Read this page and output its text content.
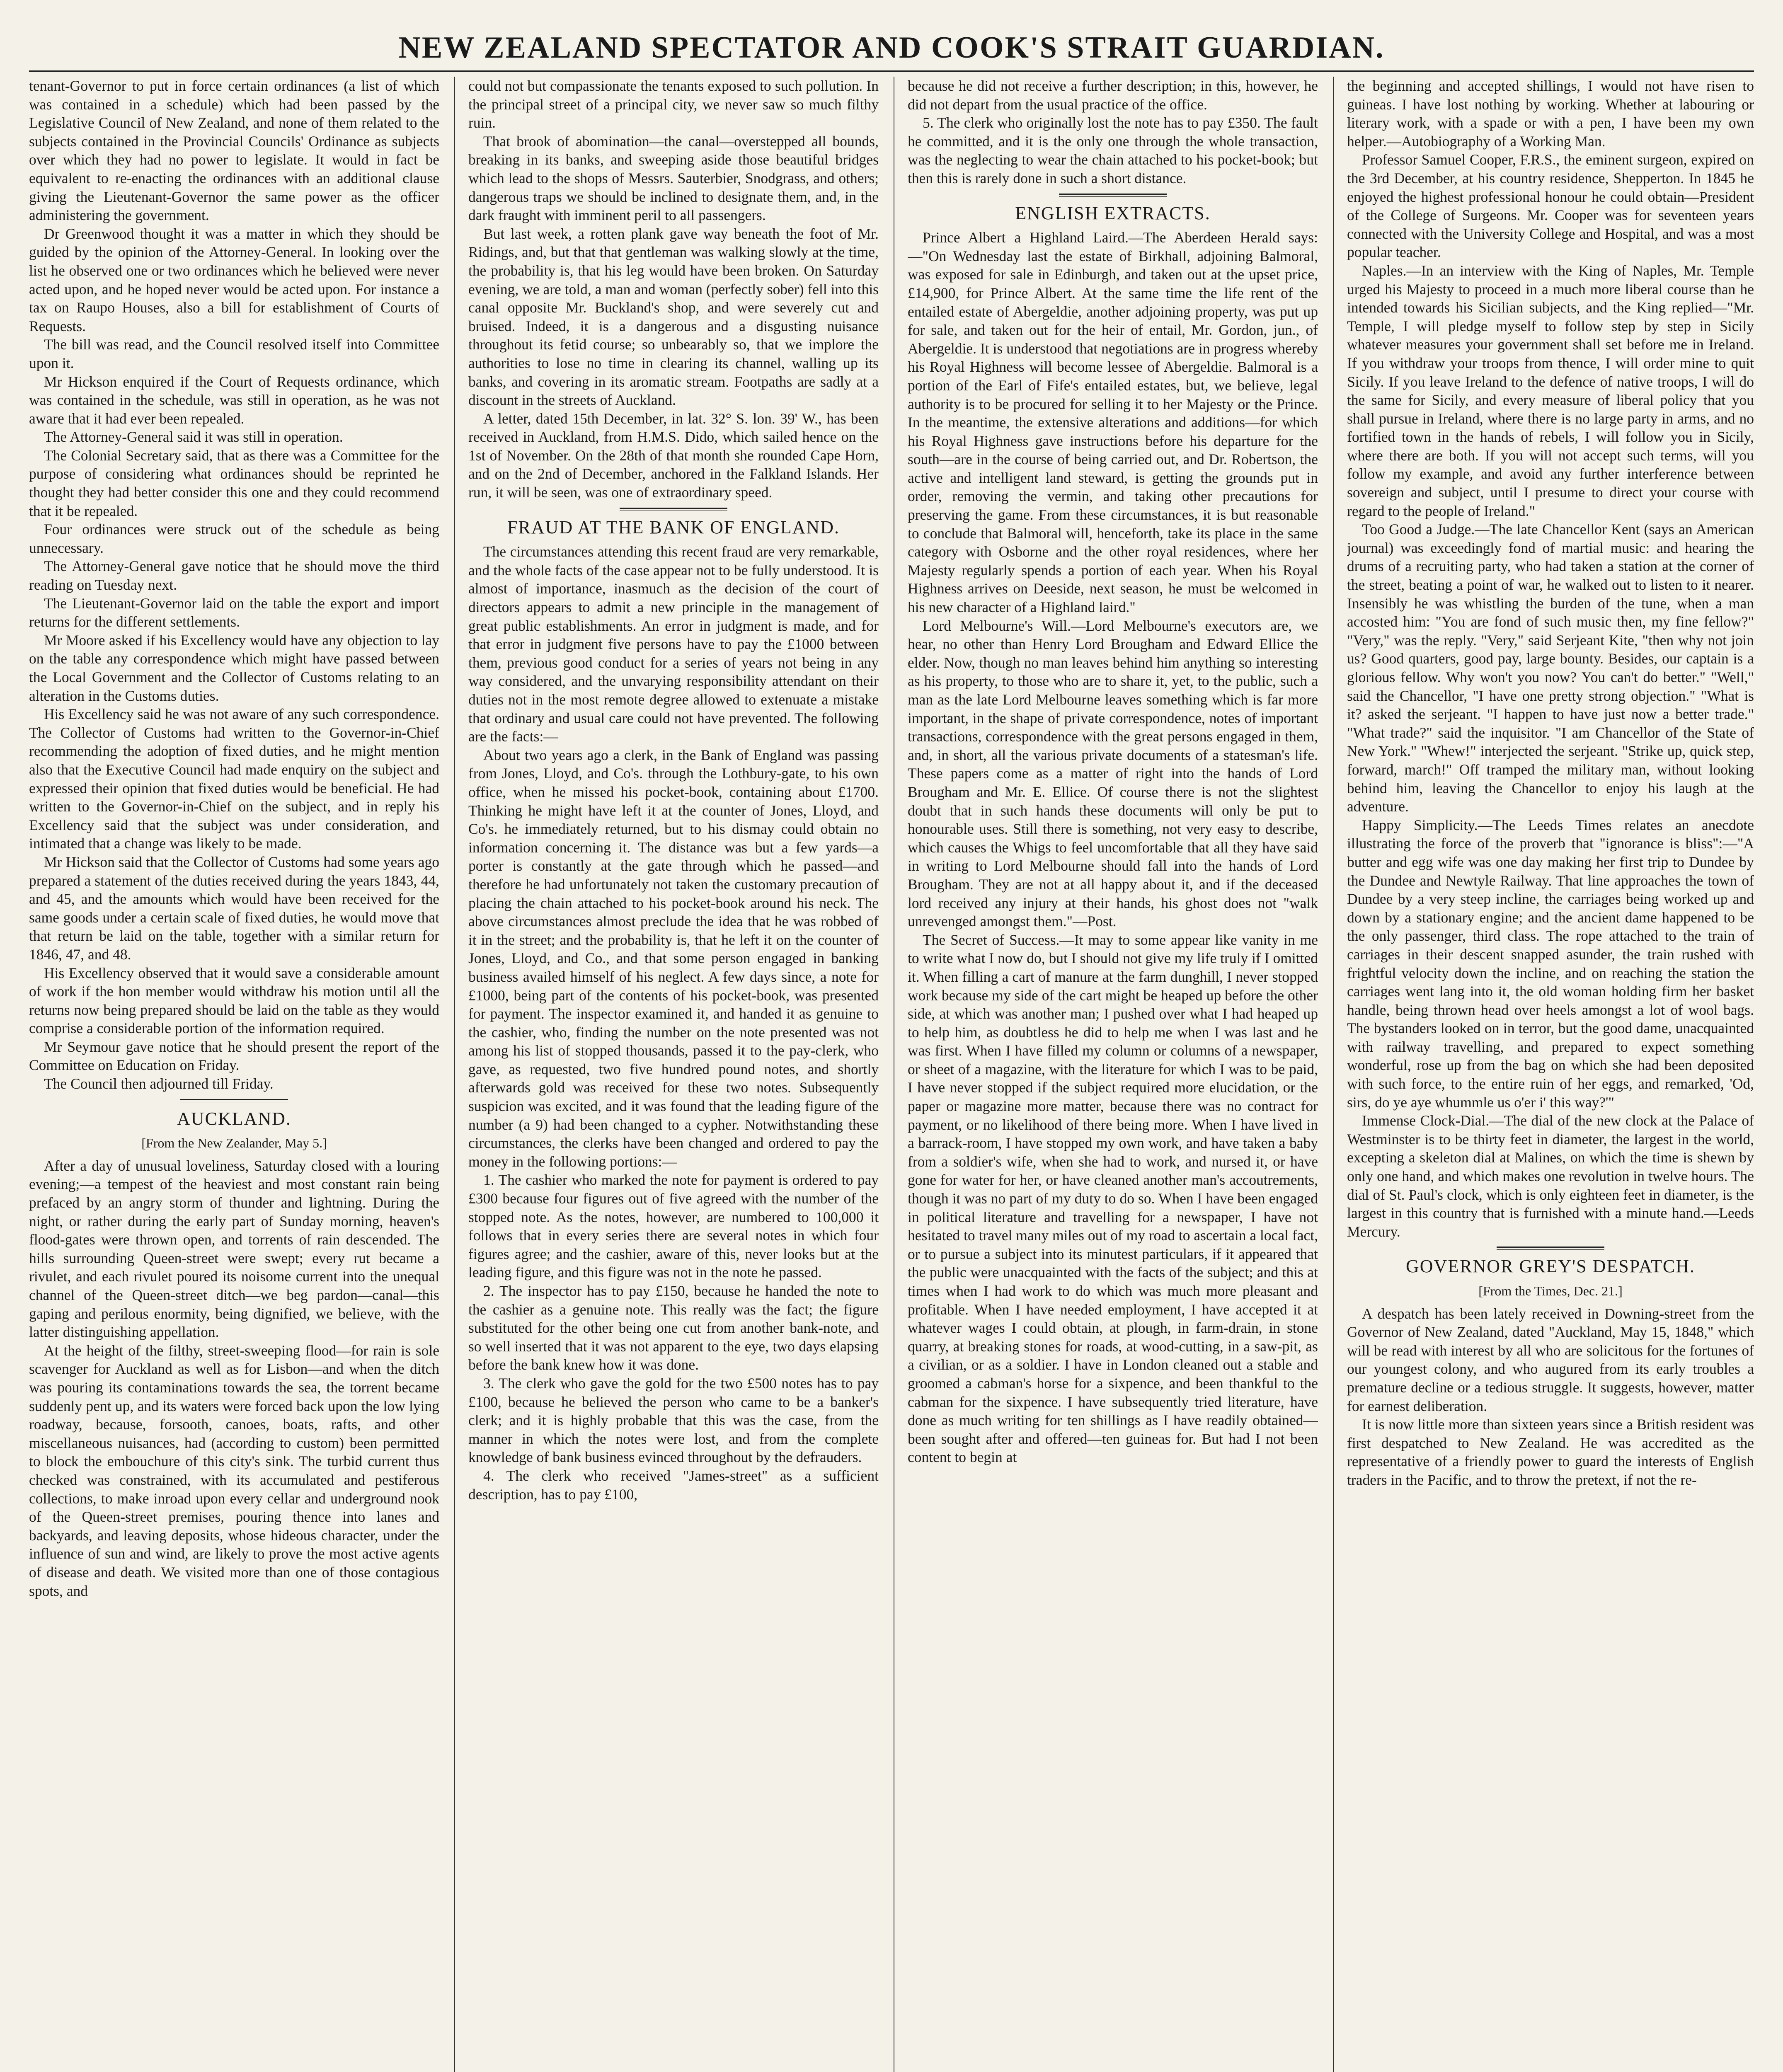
NEW ZEALAND SPECTATOR AND COOK'S STRAIT GUARDIAN.

tenant-Governor to put in force certain ordinances (a list of which was contained in a schedule) which had been passed by the Legislative Council of New Zealand, and none of them related to the subjects contained in the Provincial Councils' Ordinance as subjects over which they had no power to legislate. It would in fact be equivalent to re-enacting the ordinances with an additional clause giving the Lieutenant-Governor the same power as the officer administering the government.

Dr Greenwood thought it was a matter in which they should be guided by the opinion of the Attorney-General. In looking over the list he observed one or two ordinances which he believed were never acted upon, and he hoped never would be acted upon. For instance a tax on Raupo Houses, also a bill for establishment of Courts of Requests.

The bill was read, and the Council resolved itself into Committee upon it.

Mr Hickson enquired if the Court of Requests ordinance, which was contained in the schedule, was still in operation, as he was not aware that it had ever been repealed.

The Attorney-General said it was still in operation.

The Colonial Secretary said, that as there was a Committee for the purpose of considering what ordinances should be reprinted he thought they had better consider this one and they could recommend that it be repealed.

Four ordinances were struck out of the schedule as being unnecessary.

The Attorney-General gave notice that he should move the third reading on Tuesday next.

The Lieutenant-Governor laid on the table the export and import returns for the different settlements.

Mr Moore asked if his Excellency would have any objection to lay on the table any correspondence which might have passed between the Local Government and the Collector of Customs relating to an alteration in the Customs duties.

His Excellency said he was not aware of any such correspondence. The Collector of Customs had written to the Governor-in-Chief recommending the adoption of fixed duties, and he might mention also that the Executive Council had made enquiry on the subject and expressed their opinion that fixed duties would be beneficial. He had written to the Governor-in-Chief on the subject, and in reply his Excellency said that the subject was under consideration, and intimated that a change was likely to be made.

Mr Hickson said that the Collector of Customs had some years ago prepared a statement of the duties received during the years 1843, 44, and 45, and the amounts which would have been received for the same goods under a certain scale of fixed duties, he would move that that return be laid on the table, together with a similar return for 1846, 47, and 48.

His Excellency observed that it would save a considerable amount of work if the hon member would withdraw his motion until all the returns now being prepared should be laid on the table as they would comprise a considerable portion of the information required.

Mr Seymour gave notice that he should present the report of the Committee on Education on Friday.

The Council then adjourned till Friday.

AUCKLAND.
[From the New Zealander, May 5.]

After a day of unusual loveliness, Saturday closed with a louring evening;—a tempest of the heaviest and most constant rain being prefaced by an angry storm of thunder and lightning. During the night, or rather during the early part of Sunday morning, heaven's flood-gates were thrown open, and torrents of rain descended. The hills surrounding Queen-street were swept; every rut became a rivulet, and each rivulet poured its noisome current into the unequal channel of the Queen-street ditch—we beg pardon—canal—this gaping and perilous enormity, being dignified, we believe, with the latter distinguishing appellation.

At the height of the filthy, street-sweeping flood—for rain is sole scavenger for Auckland as well as for Lisbon—and when the ditch was pouring its contaminations towards the sea, the torrent became suddenly pent up, and its waters were forced back upon the low lying roadway, because, forsooth, canoes, boats, rafts, and other miscellaneous nuisances, had (according to custom) been permitted to block the embouchure of this city's sink. The turbid current thus checked was constrained, with its accumulated and pestiferous collections, to make inroad upon every cellar and underground nook of the Queen-street premises, pouring thence into lanes and backyards, and leaving deposits, whose hideous character, under the influence of sun and wind, are likely to prove the most active agents of disease and death. We visited more than one of those contagious spots, and

could not but compassionate the tenants exposed to such pollution. In the principal street of a principal city, we never saw so much filthy ruin.

That brook of abomination—the canal—overstepped all bounds, breaking in its banks, and sweeping aside those beautiful bridges which lead to the shops of Messrs. Sauterbier, Snodgrass, and others; dangerous traps we should be inclined to designate them, and, in the dark fraught with imminent peril to all passengers.

But last week, a rotten plank gave way beneath the foot of Mr. Ridings, and, but that that gentleman was walking slowly at the time, the probability is, that his leg would have been broken. On Saturday evening, we are told, a man and woman (perfectly sober) fell into this canal opposite Mr. Buckland's shop, and were severely cut and bruised. Indeed, it is a dangerous and a disgusting nuisance throughout its fetid course; so unbearably so, that we implore the authorities to lose no time in clearing its channel, walling up its banks, and covering in its aromatic stream. Footpaths are sadly at a discount in the streets of Auckland.

A letter, dated 15th December, in lat. 32° S. lon. 39' W., has been received in Auckland, from H.M.S. Dido, which sailed hence on the 1st of November. On the 28th of that month she rounded Cape Horn, and on the 2nd of December, anchored in the Falkland Islands. Her run, it will be seen, was one of extraordinary speed.

FRAUD AT THE BANK OF ENGLAND.

The circumstances attending this recent fraud are very remarkable, and the whole facts of the case appear not to be fully understood. It is almost of importance, inasmuch as the decision of the court of directors appears to admit a new principle in the management of great public establishments. An error in judgment is made, and for that error in judgment five persons have to pay the £1000 between them, previous good conduct for a series of years not being in any way considered, and the unvarying responsibility attendant on their duties not in the most remote degree allowed to extenuate a mistake that ordinary and usual care could not have prevented. The following are the facts:—

About two years ago a clerk, in the Bank of England was passing from Jones, Lloyd, and Co's. through the Lothbury-gate, to his own office, when he missed his pocket-book, containing about £1700. Thinking he might have left it at the counter of Jones, Lloyd, and Co's. he immediately returned, but to his dismay could obtain no information concerning it. The distance was but a few yards—a porter is constantly at the gate through which he passed—and therefore he had unfortunately not taken the customary precaution of placing the chain attached to his pocket-book around his neck. The above circumstances almost preclude the idea that he was robbed of it in the street; and the probability is, that he left it on the counter of Jones, Lloyd, and Co., and that some person engaged in banking business availed himself of his neglect. A few days since, a note for £1000, being part of the contents of his pocket-book, was presented for payment. The inspector examined it, and handed it as genuine to the cashier, who, finding the number on the note presented was not among his list of stopped thousands, passed it to the pay-clerk, who gave, as requested, two five hundred pound notes, and shortly afterwards gold was received for these two notes. Subsequently suspicion was excited, and it was found that the leading figure of the number (a 9) had been changed to a cypher. Notwithstanding these circumstances, the clerks have been changed and ordered to pay the money in the following portions:—

1. The cashier who marked the note for payment is ordered to pay £300 because four figures out of five agreed with the number of the stopped note. As the notes, however, are numbered to 100,000 it follows that in every series there are several notes in which four figures agree; and the cashier, aware of this, never looks but at the leading figure, and this figure was not in the note he passed.

2. The inspector has to pay £150, because he handed the note to the cashier as a genuine note. This really was the fact; the figure substituted for the other being one cut from another bank-note, and so well inserted that it was not apparent to the eye, two days elapsing before the bank knew how it was done.

3. The clerk who gave the gold for the two £500 notes has to pay £100, because he believed the person who came to be a banker's clerk; and it is highly probable that this was the case, from the manner in which the notes were lost, and from the complete knowledge of bank business evinced throughout by the defrauders.

4. The clerk who received "James-street" as a sufficient description, has to pay £100,

because he did not receive a further description; in this, however, he did not depart from the usual practice of the office.

5. The clerk who originally lost the note has to pay £350. The fault he committed, and it is the only one through the whole transaction, was the neglecting to wear the chain attached to his pocket-book; but then this is rarely done in such a short distance.

ENGLISH EXTRACTS.

Prince Albert a Highland Laird.—The Aberdeen Herald says:—"On Wednesday last the estate of Birkhall, adjoining Balmoral, was exposed for sale in Edinburgh, and taken out at the upset price, £14,900, for Prince Albert. At the same time the life rent of the entailed estate of Abergeldie, another adjoining property, was put up for sale, and taken out for the heir of entail, Mr. Gordon, jun., of Abergeldie. It is understood that negotiations are in progress whereby his Royal Highness will become lessee of Abergeldie. Balmoral is a portion of the Earl of Fife's entailed estates, but, we believe, legal authority is to be procured for selling it to her Majesty or the Prince. In the meantime, the extensive alterations and additions—for which his Royal Highness gave instructions before his departure for the south—are in the course of being carried out, and Dr. Robertson, the active and intelligent land steward, is getting the grounds put in order, removing the vermin, and taking other precautions for preserving the game. From these circumstances, it is but reasonable to conclude that Balmoral will, henceforth, take its place in the same category with Osborne and the other royal residences, where her Majesty regularly spends a portion of each year. When his Royal Highness arrives on Deeside, next season, he must be welcomed in his new character of a Highland laird."

Lord Melbourne's Will.—Lord Melbourne's executors are, we hear, no other than Henry Lord Brougham and Edward Ellice the elder. Now, though no man leaves behind him anything so interesting as his property, to those who are to share it, yet, to the public, such a man as the late Lord Melbourne leaves something which is far more important, in the shape of private correspondence, notes of important transactions, correspondence with the great persons engaged in them, and, in short, all the various private documents of a statesman's life. These papers come as a matter of right into the hands of Lord Brougham and Mr. E. Ellice. Of course there is not the slightest doubt that in such hands these documents will only be put to honourable uses. Still there is something, not very easy to describe, which causes the Whigs to feel uncomfortable that all they have said in writing to Lord Melbourne should fall into the hands of Lord Brougham. They are not at all happy about it, and if the deceased lord received any injury at their hands, his ghost does not "walk unrevenged amongst them."—Post.

The Secret of Success.—It may to some appear like vanity in me to write what I now do, but I should not give my life truly if I omitted it. When filling a cart of manure at the farm dunghill, I never stopped work because my side of the cart might be heaped up before the other side, at which was another man; I pushed over what I had heaped up to help him, as doubtless he did to help me when I was last and he was first. When I have filled my column or columns of a newspaper, or sheet of a magazine, with the literature for which I was to be paid, I have never stopped if the subject required more elucidation, or the paper or magazine more matter, because there was no contract for payment, or no likelihood of there being more. When I have lived in a barrack-room, I have stopped my own work, and have taken a baby from a soldier's wife, when she had to work, and nursed it, or have gone for water for her, or have cleaned another man's accoutrements, though it was no part of my duty to do so. When I have been engaged in political literature and travelling for a newspaper, I have not hesitated to travel many miles out of my road to ascertain a local fact, or to pursue a subject into its minutest particulars, if it appeared that the public were unacquainted with the facts of the subject; and this at times when I had work to do which was much more pleasant and profitable. When I have needed employment, I have accepted it at whatever wages I could obtain, at plough, in farm-drain, in stone quarry, at breaking stones for roads, at wood-cutting, in a saw-pit, as a civilian, or as a soldier. I have in London cleaned out a stable and groomed a cabman's horse for a sixpence, and been thankful to the cabman for the sixpence. I have subsequently tried literature, have done as much writing for ten shillings as I have readily obtained—been sought after and offered—ten guineas for. But had I not been content to begin at

the beginning and accepted shillings, I would not have risen to guineas. I have lost nothing by working. Whether at labouring or literary work, with a spade or with a pen, I have been my own helper.—Autobiography of a Working Man.

Professor Samuel Cooper, F.R.S., the eminent surgeon, expired on the 3rd December, at his country residence, Shepperton. In 1845 he enjoyed the highest professional honour he could obtain—President of the College of Surgeons. Mr. Cooper was for seventeen years connected with the University College and Hospital, and was a most popular teacher.

Naples.—In an interview with the King of Naples, Mr. Temple urged his Majesty to proceed in a much more liberal course than he intended towards his Sicilian subjects, and the King replied—"Mr. Temple, I will pledge myself to follow step by step in Sicily whatever measures your government shall set before me in Ireland. If you withdraw your troops from thence, I will order mine to quit Sicily. If you leave Ireland to the defence of native troops, I will do the same for Sicily, and every measure of liberal policy that you shall pursue in Ireland, where there is no large party in arms, and no fortified town in the hands of rebels, I will follow you in Sicily, where there are both. If you will not accept such terms, will you follow my example, and avoid any further interference between sovereign and subject, until I presume to direct your course with regard to the people of Ireland."

Too Good a Judge.—The late Chancellor Kent (says an American journal) was exceedingly fond of martial music: and hearing the drums of a recruiting party, who had taken a station at the corner of the street, beating a point of war, he walked out to listen to it nearer. Insensibly he was whistling the burden of the tune, when a man accosted him: "You are fond of such music then, my fine fellow?" "Very," was the reply. "Very," said Serjeant Kite, "then why not join us? Good quarters, good pay, large bounty. Besides, our captain is a glorious fellow. Why won't you now? You can't do better." "Well," said the Chancellor, "I have one pretty strong objection." "What is it? asked the serjeant. "I happen to have just now a better trade." "What trade?" said the inquisitor. "I am Chancellor of the State of New York." "Whew!" interjected the serjeant. "Strike up, quick step, forward, march!" Off tramped the military man, without looking behind him, leaving the Chancellor to enjoy his laugh at the adventure.

Happy Simplicity.—The Leeds Times relates an anecdote illustrating the force of the proverb that "ignorance is bliss":—"A butter and egg wife was one day making her first trip to Dundee by the Dundee and Newtyle Railway. That line approaches the town of Dundee by a very steep incline, the carriages being worked up and down by a stationary engine; and the ancient dame happened to be the only passenger, third class. The rope attached to the train of carriages in their descent snapped asunder, the train rushed with frightful velocity down the incline, and on reaching the station the carriages went lang into it, the old woman holding firm her basket handle, being thrown head over heels amongst a lot of wool bags. The bystanders looked on in terror, but the good dame, unacquainted with railway travelling, and prepared to expect something wonderful, rose up from the bag on which she had been deposited with such force, to the entire ruin of her eggs, and remarked, 'Od, sirs, do ye aye whummle us o'er i' this way?'"

Immense Clock-Dial.—The dial of the new clock at the Palace of Westminster is to be thirty feet in diameter, the largest in the world, excepting a skeleton dial at Malines, on which the time is shewn by only one hand, and which makes one revolution in twelve hours. The dial of St. Paul's clock, which is only eighteen feet in diameter, is the largest in this country that is furnished with a minute hand.—Leeds Mercury.

GOVERNOR GREY'S DESPATCH.
[From the Times, Dec. 21.]

A despatch has been lately received in Downing-street from the Governor of New Zealand, dated "Auckland, May 15, 1848," which will be read with interest by all who are solicitous for the fortunes of our youngest colony, and who augured from its early troubles a premature decline or a tedious struggle. It suggests, however, matter for earnest deliberation.

It is now little more than sixteen years since a British resident was first despatched to New Zealand. He was accredited as the representative of a friendly power to guard the interests of English traders in the Pacific, and to throw the pretext, if not the re-
